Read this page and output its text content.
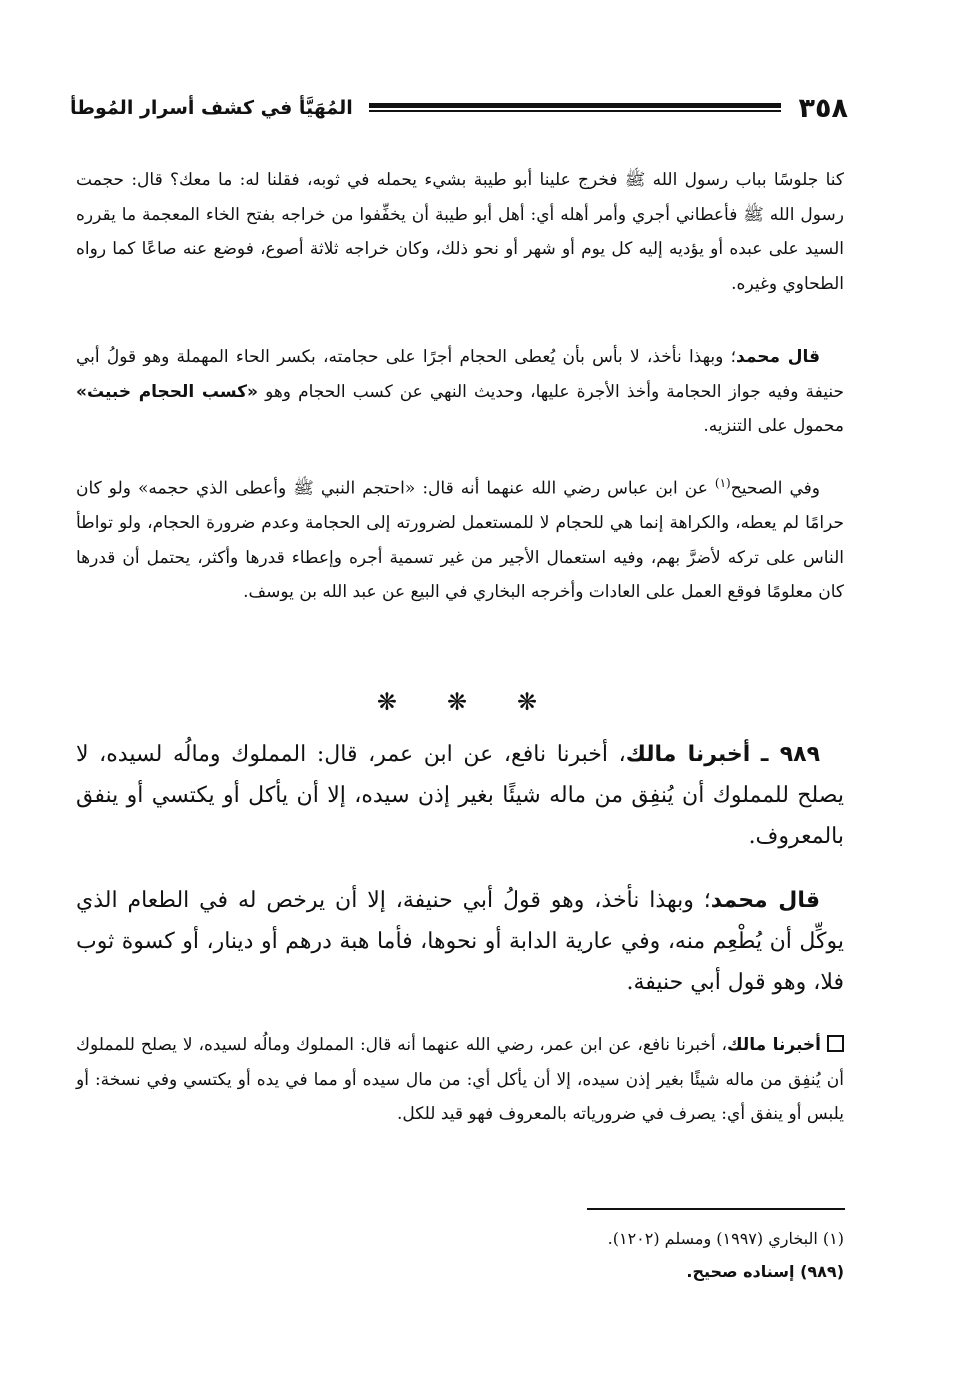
٣٥٨
المُهَيَّأ في كشف أسرار المُوطأ

كنا جلوسًا بباب رسول الله ﷺ فخرج علينا أبو طيبة بشيء يحمله في ثوبه، فقلنا له: ما معك؟ قال: حجمت رسول الله ﷺ فأعطاني أجري وأمر أهله أي: أهل أبو طيبة أن يخفِّفوا من خراجه بفتح الخاء المعجمة ما يقرره السيد على عبده أو يؤديه إليه كل يوم أو شهر أو نحو ذلك، وكان خراجه ثلاثة أصوع، فوضع عنه صاعًا كما رواه الطحاوي وغيره.

قال محمد؛ وبهذا نأخذ، لا بأس بأن يُعطى الحجام أجرًا على حجامته، بكسر الحاء المهملة وهو قولُ أبي حنيفة وفيه جواز الحجامة وأخذ الأجرة عليها، وحديث النهي عن كسب الحجام وهو «كسب الحجام خبيث» محمول على التنزيه.

وفي الصحيح$^{(١)}$ عن ابن عباس رضي الله عنهما أنه قال: «احتجم النبي ﷺ وأعطى الذي حجمه» ولو كان حرامًا لم يعطه، والكراهة إنما هي للحجام لا للمستعمل لضرورته إلى الحجامة وعدم ضرورة الحجام، ولو تواطأ الناس على تركه لأضرَّ بهم، وفيه استعمال الأجير من غير تسمية أجره وإعطاء قدرها وأكثر، يحتمل أن قدرها كان معلومًا فوقع العمل على العادات وأخرجه البخاري في البيع عن عبد الله بن يوسف.

❋❋❋

٩٨٩ ـ أخبرنا مالك، أخبرنا نافع، عن ابن عمر، قال: المملوك ومالُه لسيده، لا يصلح للمملوك أن يُنفِق من ماله شيئًا بغير إذن سيده، إلا أن يأكل أو يكتسي أو ينفق بالمعروف.

قال محمد؛ وبهذا نأخذ، وهو قولُ أبي حنيفة، إلا أن يرخص له في الطعام الذي يوكِّل أن يُطْعِم منه، وفي عارية الدابة أو نحوها، فأما هبة درهم أو دينار، أو كسوة ثوب فلا، وهو قول أبي حنيفة.

أخبرنا مالك، أخبرنا نافع، عن ابن عمر، رضي الله عنهما أنه قال: المملوك ومالُه لسيده، لا يصلح للمملوك أن يُنفِق من ماله شيئًا بغير إذن سيده، إلا أن يأكل أي: من مال سيده أو مما في يده أو يكتسي وفي نسخة: أو يلبس أو ينفق أي: يصرف في ضرورياته بالمعروف فهو قيد للكل.

(١) البخاري (١٩٩٧) ومسلم (١٢٠٢).
(٩٨٩) إسناده صحيح.
